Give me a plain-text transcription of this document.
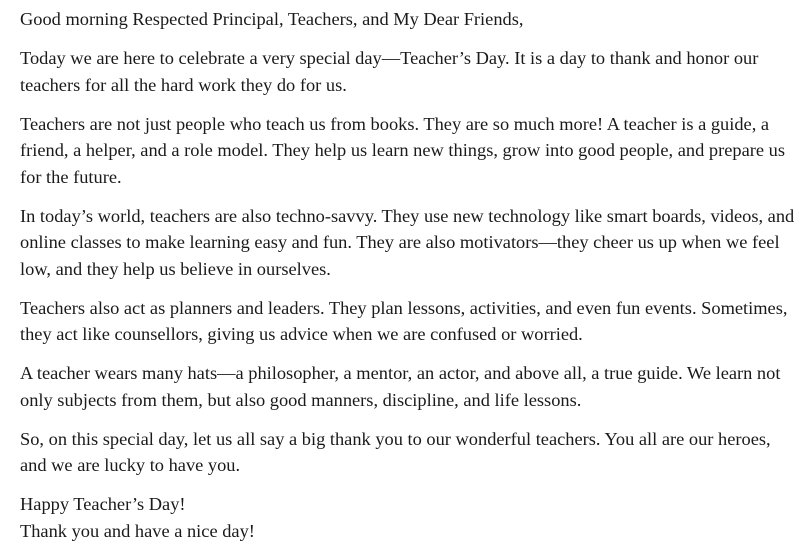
Good morning Respected Principal, Teachers, and My Dear Friends,

Today we are here to celebrate a very special day—Teacher’s Day. It is a day to thank and honor our teachers for all the hard work they do for us.

Teachers are not just people who teach us from books. They are so much more! A teacher is a guide, a friend, a helper, and a role model. They help us learn new things, grow into good people, and prepare us for the future.

In today’s world, teachers are also techno-savvy. They use new technology like smart boards, videos, and online classes to make learning easy and fun. They are also motivators—they cheer us up when we feel low, and they help us believe in ourselves.

Teachers also act as planners and leaders. They plan lessons, activities, and even fun events. Sometimes, they act like counsellors, giving us advice when we are confused or worried.

A teacher wears many hats—a philosopher, a mentor, an actor, and above all, a true guide. We learn not only subjects from them, but also good manners, discipline, and life lessons.

So, on this special day, let us all say a big thank you to our wonderful teachers. You all are our heroes, and we are lucky to have you.

Happy Teacher’s Day!
Thank you and have a nice day!
